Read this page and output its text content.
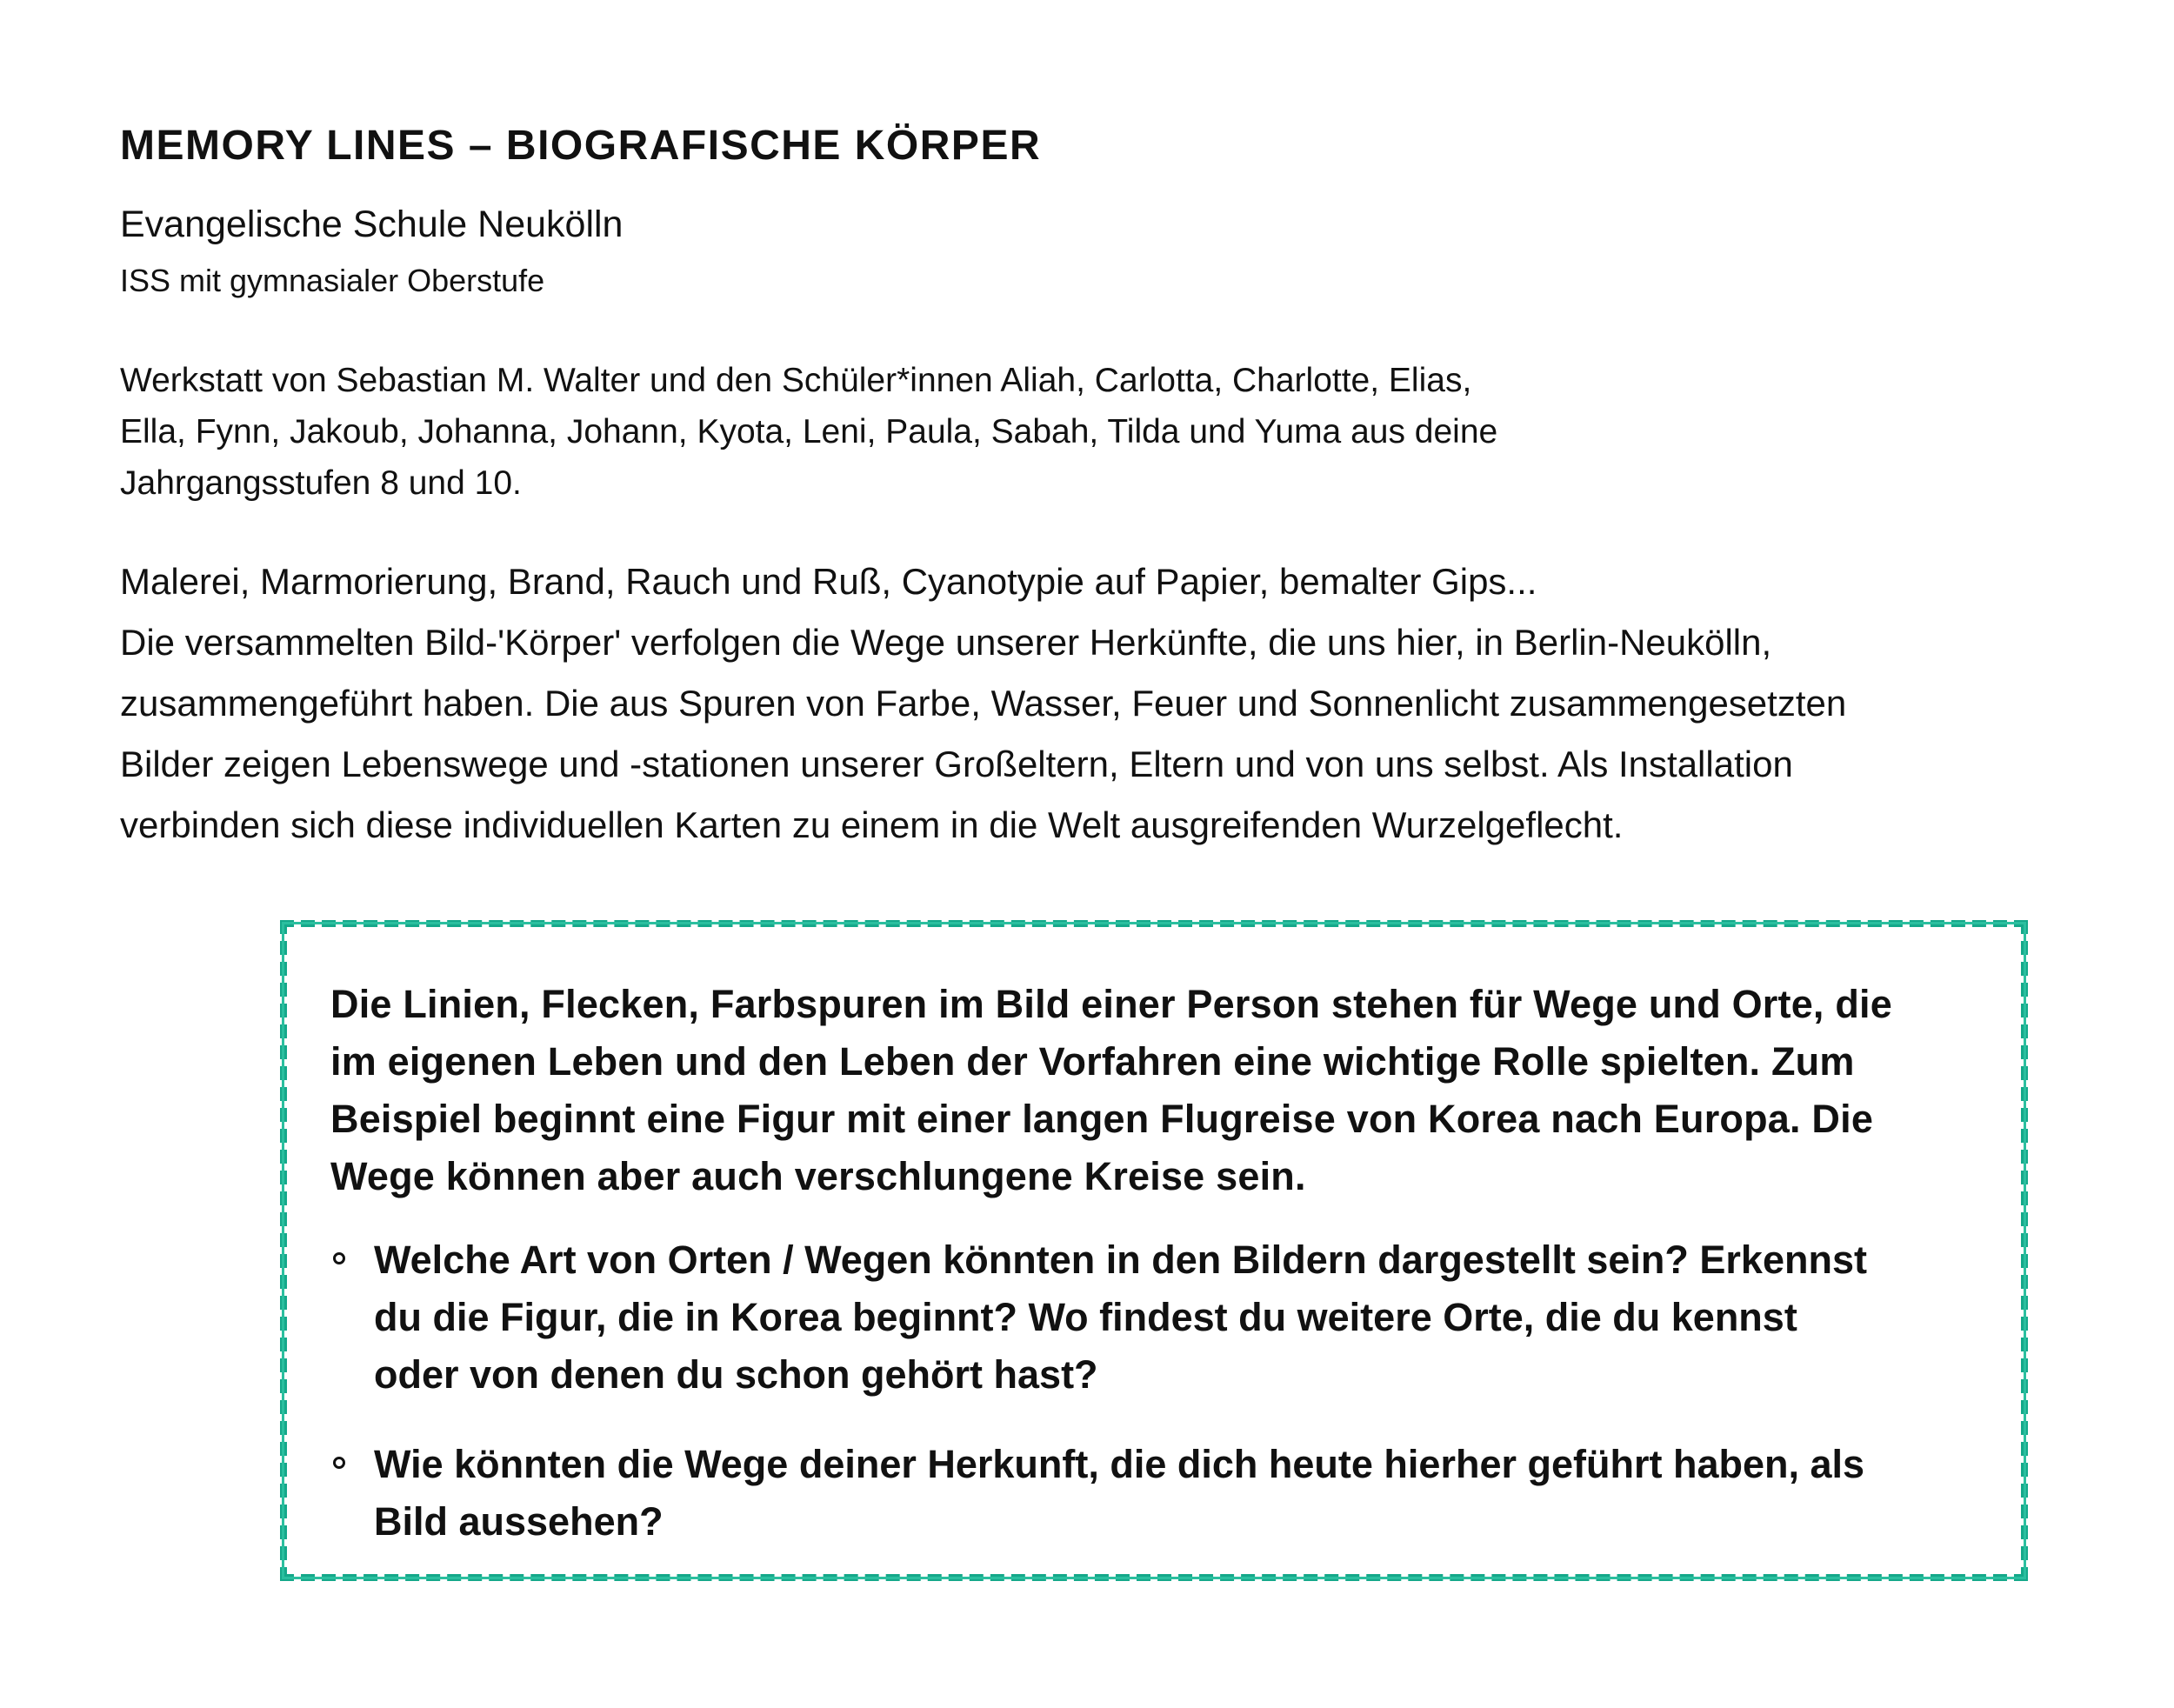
MEMORY LINES – BIOGRAFISCHE KÖRPER

Evangelische Schule Neukölln

ISS mit gymnasialer Oberstufe

Werkstatt von Sebastian M. Walter und den Schüler*innen Aliah, Carlotta, Charlotte, Elias,
Ella, Fynn, Jakoub, Johanna, Johann, Kyota, Leni, Paula, Sabah, Tilda und Yuma aus deine
Jahrgangsstufen 8 und 10.

Malerei, Marmorierung, Brand, Rauch und Ruß, Cyanotypie auf Papier, bemalter Gips...
Die versammelten Bild-'Körper' verfolgen die Wege unserer Herkünfte, die uns hier, in Berlin-Neukölln,
zusammengeführt haben. Die aus Spuren von Farbe, Wasser, Feuer und Sonnenlicht zusammengesetzten
Bilder zeigen Lebenswege und -stationen unserer Großeltern, Eltern und von uns selbst. Als Installation
verbinden sich diese individuellen Karten zu einem in die Welt ausgreifenden Wurzelgeflecht.

Die Linien, Flecken, Farbspuren im Bild einer Person stehen für Wege und Orte, die
im eigenen Leben und den Leben der Vorfahren eine wichtige Rolle spielten. Zum
Beispiel beginnt eine Figur mit einer langen Flugreise von Korea nach Europa. Die
Wege können aber auch verschlungene Kreise sein.

Welche Art von Orten / Wegen könnten in den Bildern dargestellt sein? Erkennst
du die Figur, die in Korea beginnt? Wo findest du weitere Orte, die du kennst
oder von denen du schon gehört hast?
Wie könnten die Wege deiner Herkunft, die dich heute hierher geführt haben, als
Bild aussehen?
